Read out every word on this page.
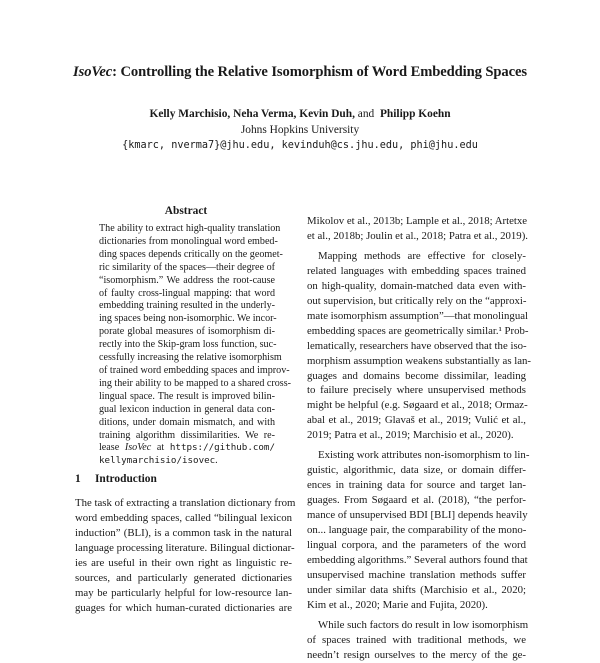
IsoVec: Controlling the Relative Isomorphism of Word Embedding Spaces
Kelly Marchisio, Neha Verma, Kevin Duh, and Philipp Koehn
Johns Hopkins University
{kmarc, nverma7}@jhu.edu, kevinduh@cs.jhu.edu, phi@jhu.edu
Abstract
The ability to extract high-quality translation
dictionaries from monolingual word embed-
ding spaces depends critically on the geomet-
ric similarity of the spaces—their degree of
“isomorphism.” We address the root-cause
of faulty cross-lingual mapping: that word
embedding training resulted in the underly-
ing spaces being non-isomorphic. We incor-
porate global measures of isomorphism di-
rectly into the Skip-gram loss function, suc-
cessfully increasing the relative isomorphism
of trained word embedding spaces and improv-
ing their ability to be mapped to a shared cross-
lingual space. The result is improved bilin-
gual lexicon induction in general data con-
ditions, under domain mismatch, and with
training algorithm dissimilarities. We re-
lease IsoVec at https://github.com/
kellymarchisio/isovec.
1 Introduction
The task of extracting a translation dictionary from
word embedding spaces, called “bilingual lexicon
induction” (BLI), is a common task in the natural
language processing literature. Bilingual dictionar-
ies are useful in their own right as linguistic re-
sources, and particularly generated dictionaries
may be particularly helpful for low-resource lan-
guages for which human-curated dictionaries are
Mikolov et al., 2013b; Lample et al., 2018; Artetxe
et al., 2018b; Joulin et al., 2018; Patra et al., 2019).
Mapping methods are effective for closely-
related languages with embedding spaces trained
on high-quality, domain-matched data even with-
out supervision, but critically rely on the “approxi-
mate isomorphism assumption”—that monolingual
embedding spaces are geometrically similar.¹ Prob-
lematically, researchers have observed that the iso-
morphism assumption weakens substantially as lan-
guages and domains become dissimilar, leading
to failure precisely where unsupervised methods
might be helpful (e.g. Søgaard et al., 2018; Ormaz-
abal et al., 2019; Glavaš et al., 2019; Vulić et al.,
2019; Patra et al., 2019; Marchisio et al., 2020).
Existing work attributes non-isomorphism to lin-
guistic, algorithmic, data size, or domain differ-
ences in training data for source and target lan-
guages. From Søgaard et al. (2018), “the perfor-
mance of unsupervised BDI [BLI] depends heavily
on... language pair, the comparability of the mono-
lingual corpora, and the parameters of the word
embedding algorithms.” Several authors found that
unsupervised machine translation methods suffer
under similar data shifts (Marchisio et al., 2020;
Kim et al., 2020; Marie and Fujita, 2020).
While such factors do result in low isomorphism
of spaces trained with traditional methods, we
needn’t resign ourselves to the mercy of the ge-
